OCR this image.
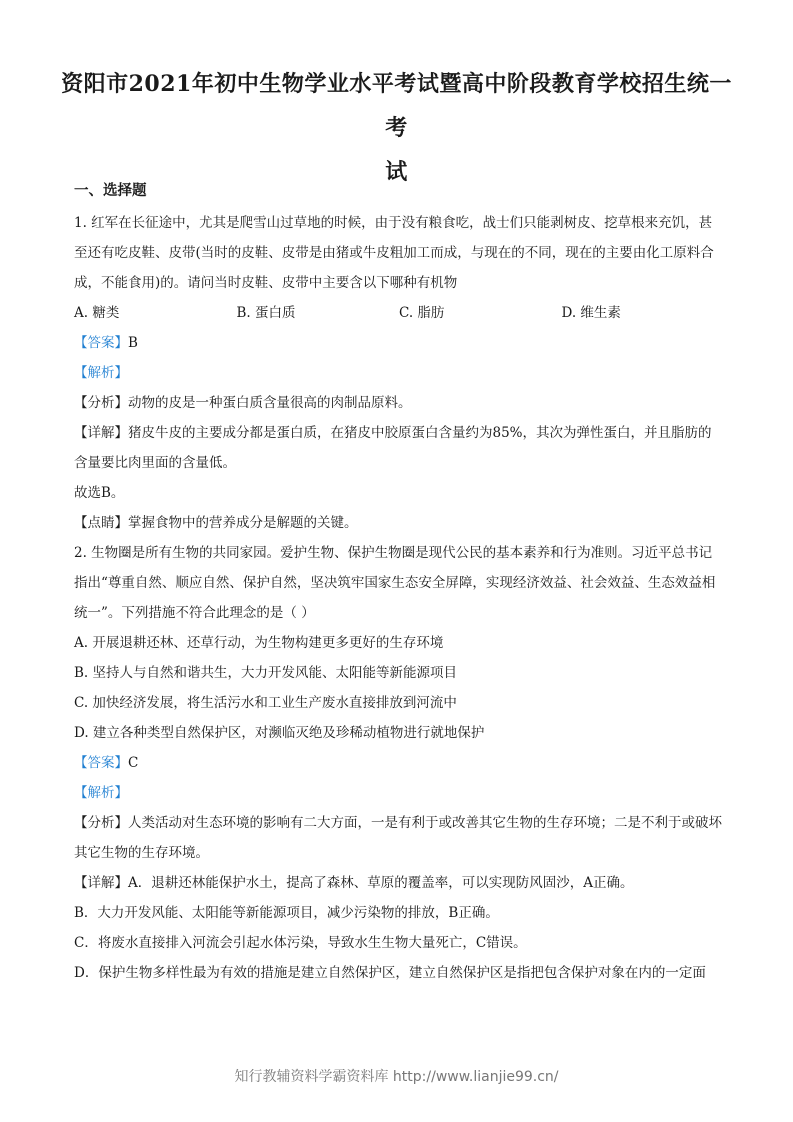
资阳市2021年初中生物学业水平考试暨高中阶段教育学校招生统一考
试
一、选择题

1. 红军在长征途中，尤其是爬雪山过草地的时候，由于没有粮食吃，战士们只能剥树皮、挖草根来充饥，甚至还有吃皮鞋、皮带(当时的皮鞋、皮带是由猪或牛皮粗加工而成，与现在的不同，现在的主要由化工原料合成，不能食用)的。请问当时皮鞋、皮带中主要含以下哪种有机物

A. 糖类	B. 蛋白质	C. 脂肪	D. 维生素

【答案】B

【解析】

【分析】动物的皮是一种蛋白质含量很高的肉制品原料。

【详解】猪皮牛皮的主要成分都是蛋白质，在猪皮中胶原蛋白含量约为85%，其次为弹性蛋白，并且脂肪的含量要比肉里面的含量低。

故选B。

【点睛】掌握食物中的营养成分是解题的关键。

2. 生物圈是所有生物的共同家园。爱护生物、保护生物圈是现代公民的基本素养和行为准则。习近平总书记指出“尊重自然、顺应自然、保护自然，坚决筑牢国家生态安全屏障，实现经济效益、社会效益、生态效益相统一”。下列措施不符合此理念的是（ ）

A. 开展退耕还林、还草行动，为生物构建更多更好的生存环境

B. 坚持人与自然和谐共生，大力开发风能、太阳能等新能源项目

C. 加快经济发展，将生活污水和工业生产废水直接排放到河流中

D. 建立各种类型自然保护区，对濒临灭绝及珍稀动植物进行就地保护

【答案】C

【解析】

【分析】人类活动对生态环境的影响有二大方面，一是有利于或改善其它生物的生存环境；二是不利于或破坏其它生物的生存环境。

【详解】A．退耕还林能保护水土，提高了森林、草原的覆盖率，可以实现防风固沙，A正确。

B．大力开发风能、太阳能等新能源项目，减少污染物的排放，B正确。

C．将废水直接排入河流会引起水体污染，导致水生生物大量死亡，C错误。

D．保护生物多样性最为有效的措施是建立自然保护区，建立自然保护区是指把包含保护对象在内的一定面

知行教辅资料学霸资料库 http://www.lianjie99.cn/
